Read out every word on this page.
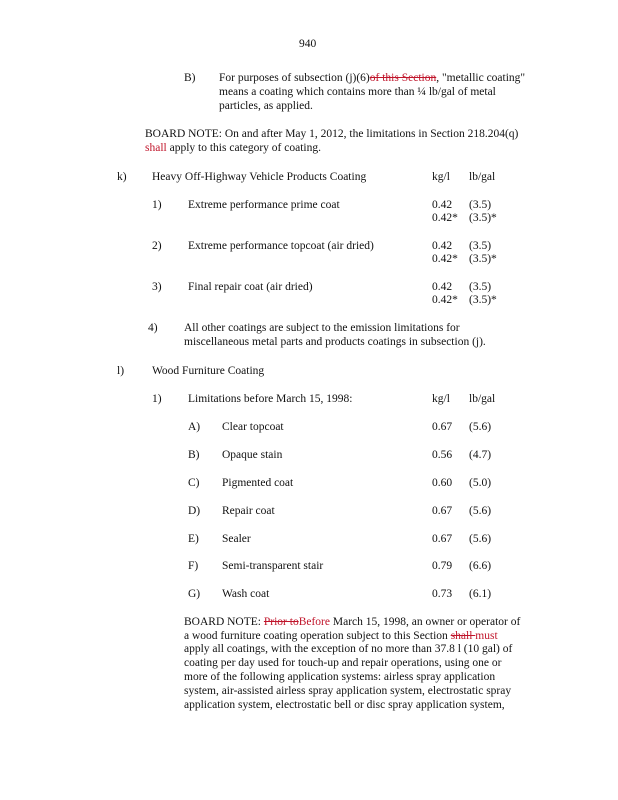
940
B) For purposes of subsection (j)(6)of this Section, "metallic coating"
means a coating which contains more than ¼ lb/gal of metal
particles, as applied.
BOARD NOTE: On and after May 1, 2012, the limitations in Section 218.204(q)
shall apply to this category of coating.
k) Heavy Off-Highway Vehicle Products Coating	kg/l lb/gal
1) Extreme performance prime coat	0.42 (3.5)
0.42* (3.5)*
2) Extreme performance topcoat (air dried)	0.42 (3.5)
0.42* (3.5)*
3) Final repair coat (air dried)	0.42 (3.5)
0.42* (3.5)*
4) All other coatings are subject to the emission limitations for
miscellaneous metal parts and products coatings in subsection (j).
l) Wood Furniture Coating
1) Limitations before March 15, 1998:	kg/l lb/gal
A) Clear topcoat	0.67 (5.6)
B) Opaque stain	0.56 (4.7)
C) Pigmented coat	0.60 (5.0)
D) Repair coat	0.67 (5.6)
E) Sealer	0.67 (5.6)
F) Semi-transparent stair	0.79 (6.6)
G) Wash coat	0.73 (6.1)
BOARD NOTE: Prior toBefore March 15, 1998, an owner or operator of
a wood furniture coating operation subject to this Section shall must
apply all coatings, with the exception of no more than 37.8 l (10 gal) of
coating per day used for touch-up and repair operations, using one or
more of the following application systems: airless spray application
system, air-assisted airless spray application system, electrostatic spray
application system, electrostatic bell or disc spray application system,
